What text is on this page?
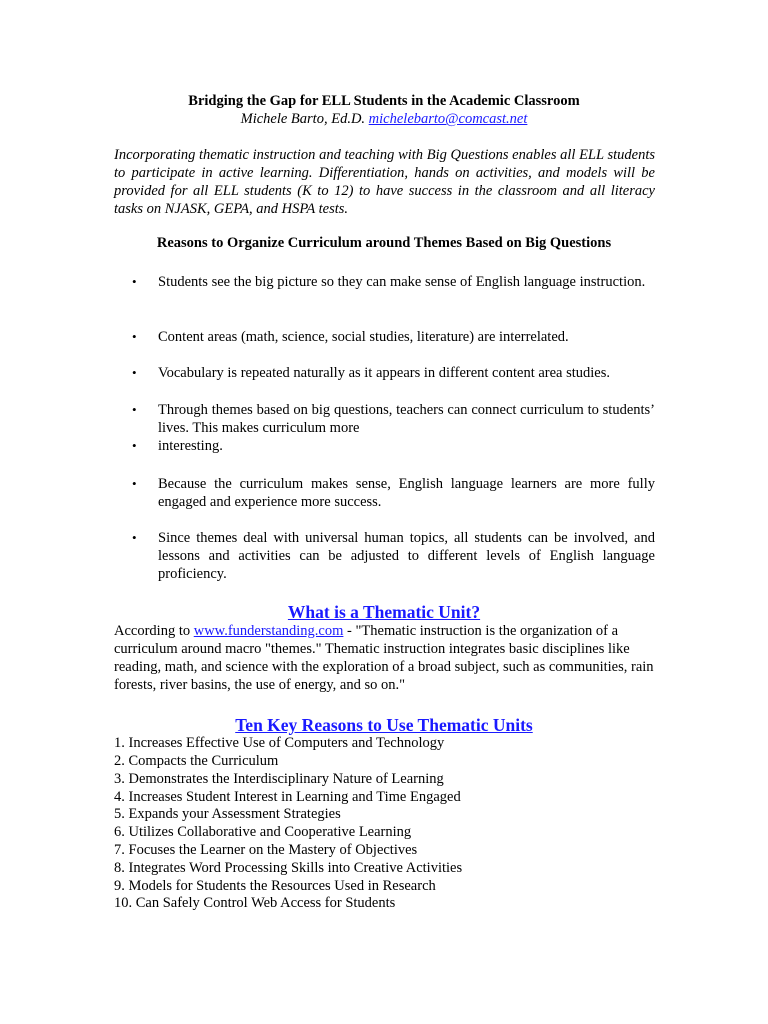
Bridging the Gap for ELL Students in the Academic Classroom
Michele Barto, Ed.D. michelebarto@comcast.net
Incorporating thematic instruction and teaching with Big Questions enables all ELL students to participate in active learning. Differentiation, hands on activities, and models will be provided for all ELL students (K to 12) to have success in the classroom and all literacy tasks on NJASK, GEPA, and HSPA tests.
Reasons to Organize Curriculum around Themes Based on Big Questions
• Students see the big picture so they can make sense of English language instruction.
• Content areas (math, science, social studies, literature) are interrelated.
• Vocabulary is repeated naturally as it appears in different content area studies.
• Through themes based on big questions, teachers can connect curriculum to students’ lives. This makes curriculum more
• interesting.
• Because the curriculum makes sense, English language learners are more fully engaged and experience more success.
• Since themes deal with universal human topics, all students can be involved, and lessons and activities can be adjusted to different levels of English language proficiency.
What is a Thematic Unit?
According to www.funderstanding.com - "Thematic instruction is the organization of a curriculum around macro "themes." Thematic instruction integrates basic disciplines like reading, math, and science with the exploration of a broad subject, such as communities, rain forests, river basins, the use of energy, and so on."
Ten Key Reasons to Use Thematic Units
1. Increases Effective Use of Computers and Technology
2. Compacts the Curriculum
3. Demonstrates the Interdisciplinary Nature of Learning
4. Increases Student Interest in Learning and Time Engaged
5. Expands your Assessment Strategies
6. Utilizes Collaborative and Cooperative Learning
7. Focuses the Learner on the Mastery of Objectives
8. Integrates Word Processing Skills into Creative Activities
9. Models for Students the Resources Used in Research
10. Can Safely Control Web Access for Students
